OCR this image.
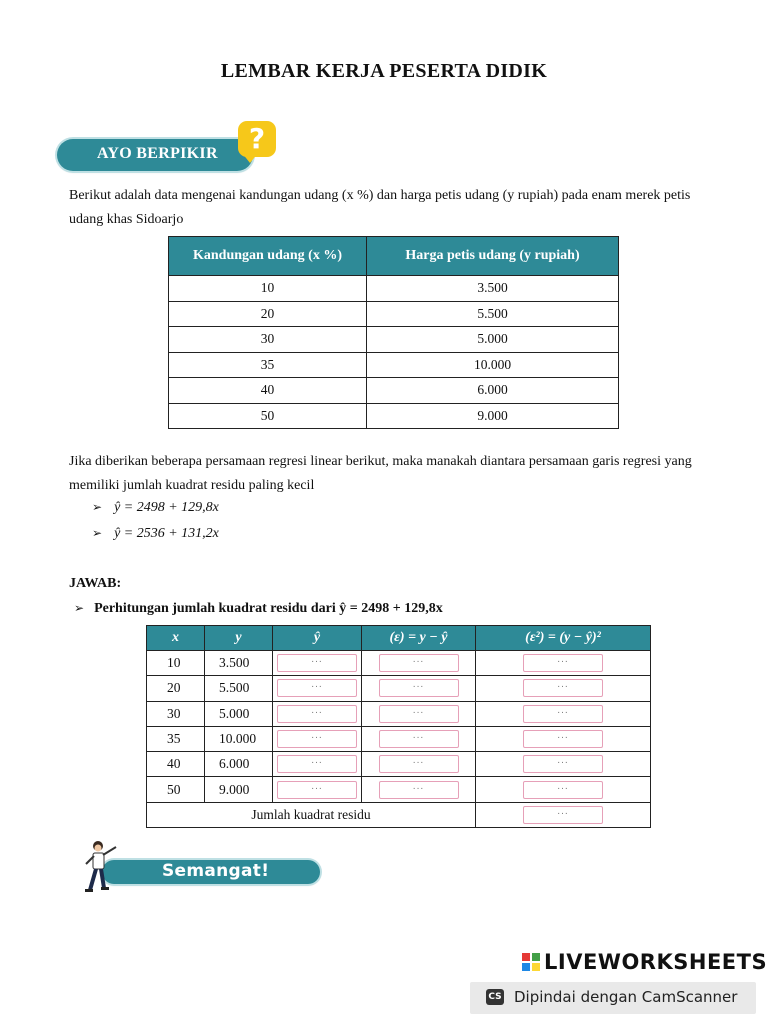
LEMBAR KERJA PESERTA DIDIK
AYO BERPIKIR	?
Berikut adalah data mengenai kandungan udang (x %) dan harga petis udang (y rupiah) pada enam merek petis udang khas Sidoarjo
Kandungan udang (x %)	Harga petis udang (y rupiah)
10	3.500
20	5.500
30	5.000
35	10.000
40	6.000
50	9.000
Jika diberikan beberapa persamaan regresi linear berikut, maka manakah diantara persamaan garis regresi yang memiliki jumlah kuadrat residu paling kecil
➢ ŷ = 2498 + 129,8x
➢ ŷ = 2536 + 131,2x
JAWAB:
➢ Perhitungan jumlah kuadrat residu dari ŷ = 2498 + 129,8x
x	y	ŷ	(ε) = y − ŷ	(ε²) = (y − ŷ)²
10	3.500	...	...	...

20	5.500	...	...	...

30	5.000	...	...	...

35	10.000	...	...	...

40	6.000	...	...	...

50	9.000	...	...	...

Jumlah kuadrat residu				...
Semangat!
LIVEWORKSHEETS
CS Dipindai dengan CamScanner
